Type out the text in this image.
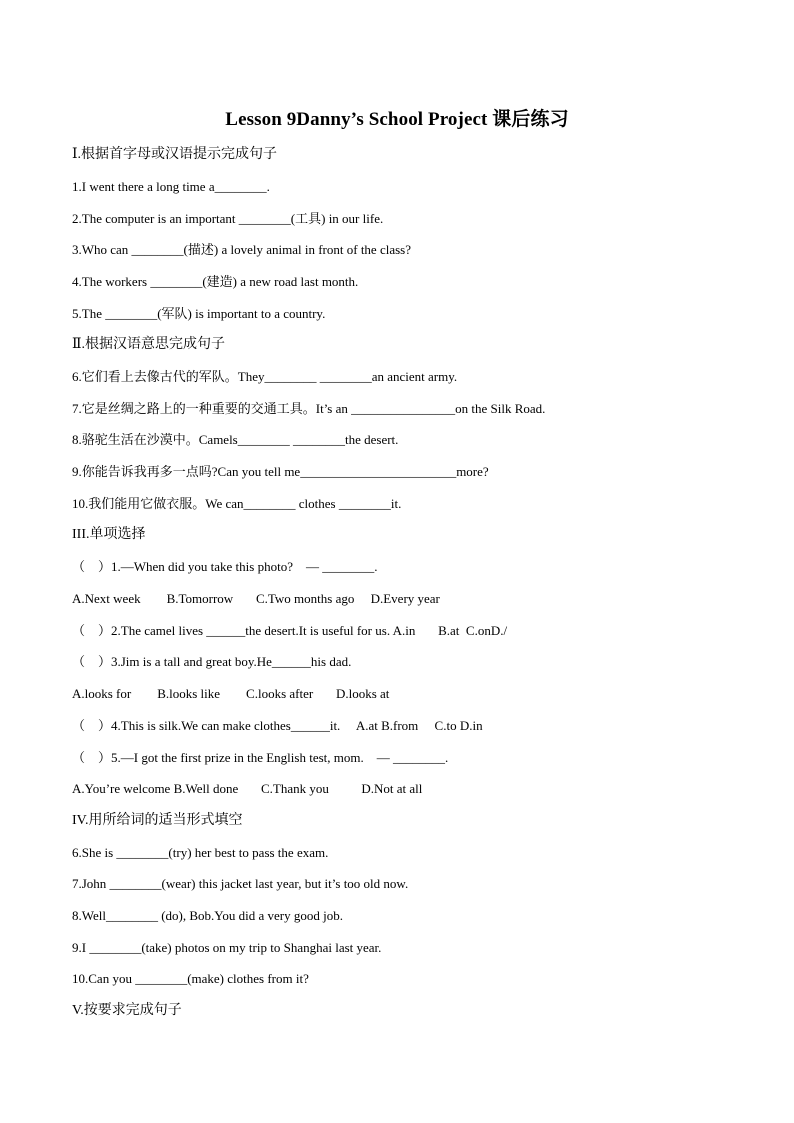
Lesson 9Danny’s School Project 课后练习
Ⅰ.根据首字母或汉语提示完成句子
1.I went there a long time a________.
2.The computer is an important ________(工具) in our life.
3.Who can ________(描述) a lovely animal in front of the class?
4.The workers ________(建造) a new road last month.
5.The ________(军队) is important to a country.
Ⅱ.根据汉语意思完成句子
6.它们看上去像古代的军队。They________ ________an ancient army.
7.它是丝绸之路上的一种重要的交通工具。It’s an ________________on the Silk Road.
8.骆驼生活在沙漠中。Camels________ ________the desert.
9.你能告诉我再多一点吗?Can you tell me________________________more?
10.我们能用它做衣服。We can________ clothes ________it.
III.单项选择
（    ）1.—When did you take this photo?    — ________.
A.Next week        B.Tomorrow       C.Two months ago     D.Every year
（    ）2.The camel lives ______the desert.It is useful for us. A.in       B.at  C.onD./
（    ）3.Jim is a tall and great boy.He______his dad.
A.looks for        B.looks like        C.looks after       D.looks at
（    ）4.This is silk.We can make clothes______it.     A.at B.from     C.to D.in
（    ）5.—I got the first prize in the English test, mom.    — ________.
A.You’re welcome B.Well done       C.Thank you          D.Not at all
IV.用所给词的适当形式填空
6.She is ________(try) her best to pass the exam.
7.John ________(wear) this jacket last year, but it’s too old now.
8.Well________ (do), Bob.You did a very good job.
9.I ________(take) photos on my trip to Shanghai last year.
10.Can you ________(make) clothes from it?
V.按要求完成句子
